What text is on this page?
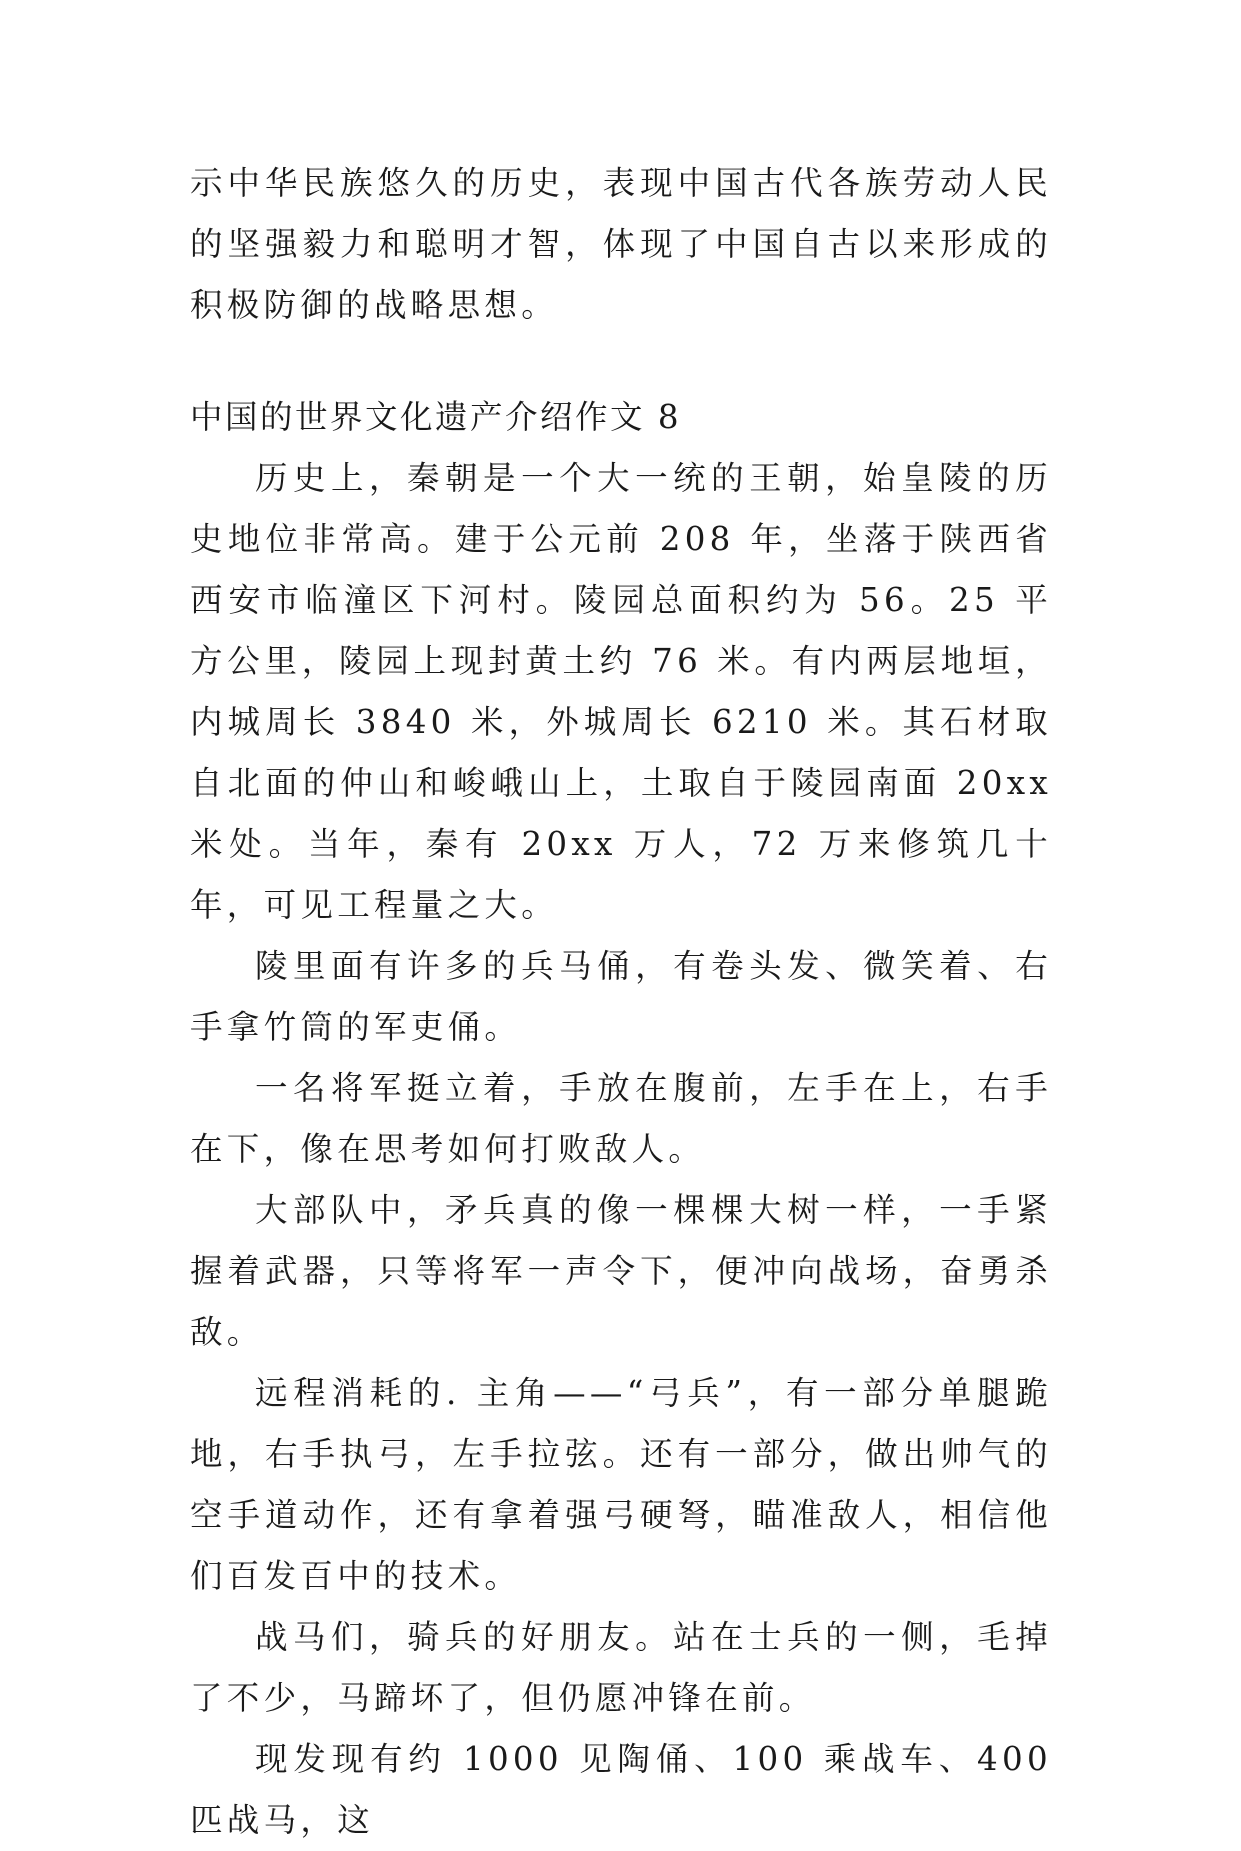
示中华民族悠久的历史，表现中国古代各族劳动人民的坚强毅力和聪明才智，体现了中国自古以来形成的积极防御的战略思想。
中国的世界文化遗产介绍作文 8

历史上，秦朝是一个大一统的王朝，始皇陵的历史地位非常高。建于公元前 208 年，坐落于陕西省西安市临潼区下河村。陵园总面积约为 56。25 平方公里，陵园上现封黄土约 76 米。有内两层地垣，内城周长 3840 米，外城周长 6210 米。其石材取自北面的仲山和峻峨山上，土取自于陵园南面 20xx 米处。当年，秦有 20xx 万人，72 万来修筑几十年，可见工程量之大。

陵里面有许多的兵马俑，有卷头发、微笑着、右手拿竹筒的军吏俑。

一名将军挺立着，手放在腹前，左手在上，右手在下，像在思考如何打败敌人。

大部队中，矛兵真的像一棵棵大树一样，一手紧握着武器，只等将军一声令下，便冲向战场，奋勇杀敌。

远程消耗的. 主角——“弓兵”，有一部分单腿跪地，右手执弓，左手拉弦。还有一部分，做出帅气的空手道动作，还有拿着强弓硬弩，瞄准敌人，相信他们百发百中的技术。

战马们，骑兵的好朋友。站在士兵的一侧，毛掉了不少，马蹄坏了，但仍愿冲锋在前。

现发现有约 1000 见陶俑、100 乘战车、400 匹战马，这
